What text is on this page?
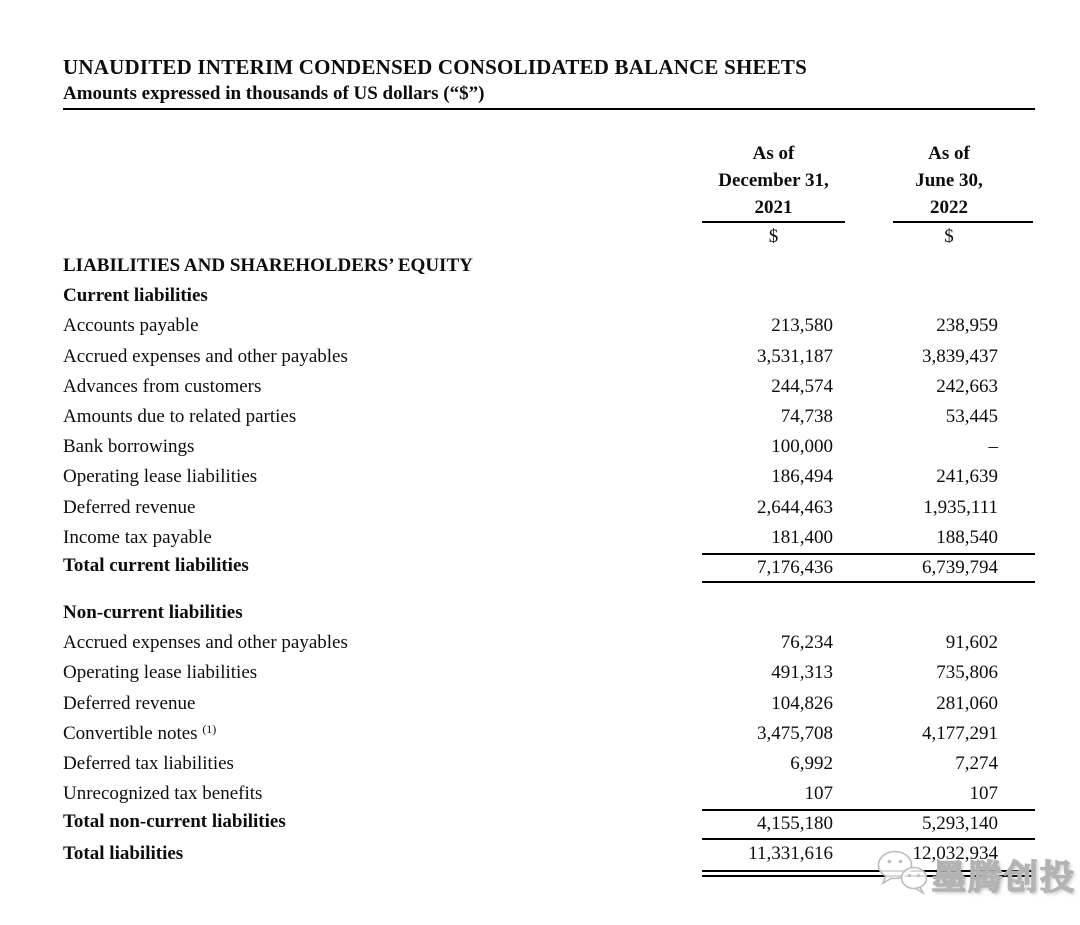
UNAUDITED INTERIM CONDENSED CONSOLIDATED BALANCE SHEETS
Amounts expressed in thousands of US dollars (“$”)
As of
December 31,
2021
As of
June 30,
2022
$	$
LIABILITIES AND SHAREHOLDERS’ EQUITY
Current liabilities
Accounts payable	213,580	238,959
Accrued expenses and other payables	3,531,187	3,839,437
Advances from customers	244,574	242,663
Amounts due to related parties	74,738	53,445
Bank borrowings	100,000	–
Operating lease liabilities	186,494	241,639
Deferred revenue	2,644,463	1,935,111
Income tax payable	181,400	188,540
Total current liabilities	7,176,436	6,739,794
Non-current liabilities
Accrued expenses and other payables	76,234	91,602
Operating lease liabilities	491,313	735,806
Deferred revenue	104,826	281,060
Convertible notes $^{(1)}$	3,475,708	4,177,291
Deferred tax liabilities	6,992	7,274
Unrecognized tax benefits	107	107
Total non-current liabilities	4,155,180	5,293,140
Total liabilities	11,331,616	12,032,934
墨腾创投
